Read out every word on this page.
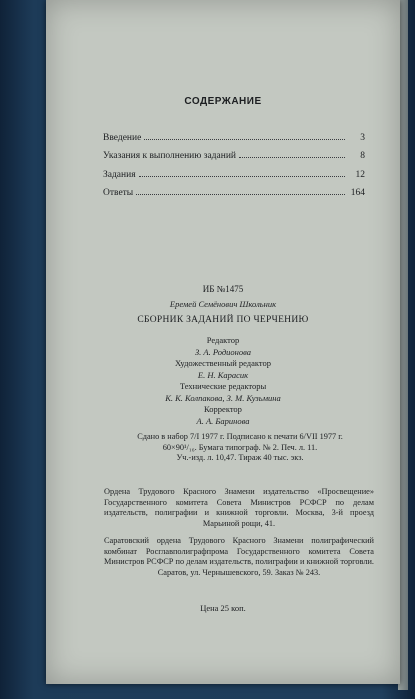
СОДЕРЖАНИЕ
Введение	3
Указания к выполнению заданий	8
Задания	12
Ответы	164
ИБ №1475
Еремей Семёнович Школьник
СБОРНИК ЗАДАНИЙ ПО ЧЕРЧЕНИЮ
Редактор
З. А. Родионова
Художественный редактор
Е. Н. Карасик
Технические редакторы
К. К. Колпакова, З. М. Кузьмина
Корректор
А. А. Баринова
Сдано в набор 7/I 1977 г. Подписано к печати 6/VII 1977 г.
60×90¹/₁₆. Бумага типограф. № 2. Печ. л. 11.
Уч.-изд. л. 10,47. Тираж 40 тыс. экз.
Ордена Трудового Красного Знамени издательство «Просвещение» Государственного комитета Совета Министров РСФСР по делам издательств, полиграфии и книжной торговли. Москва, 3-й проезд Марьиной рощи, 41.
Саратовский ордена Трудового Красного Знамени полиграфический комбинат Росглавполиграфпрома Государственного комитета Совета Министров РСФСР по делам издательств, полиграфии и книжной торговли. Саратов, ул. Чернышевского, 59. Заказ № 243.
Цена 25 коп.
